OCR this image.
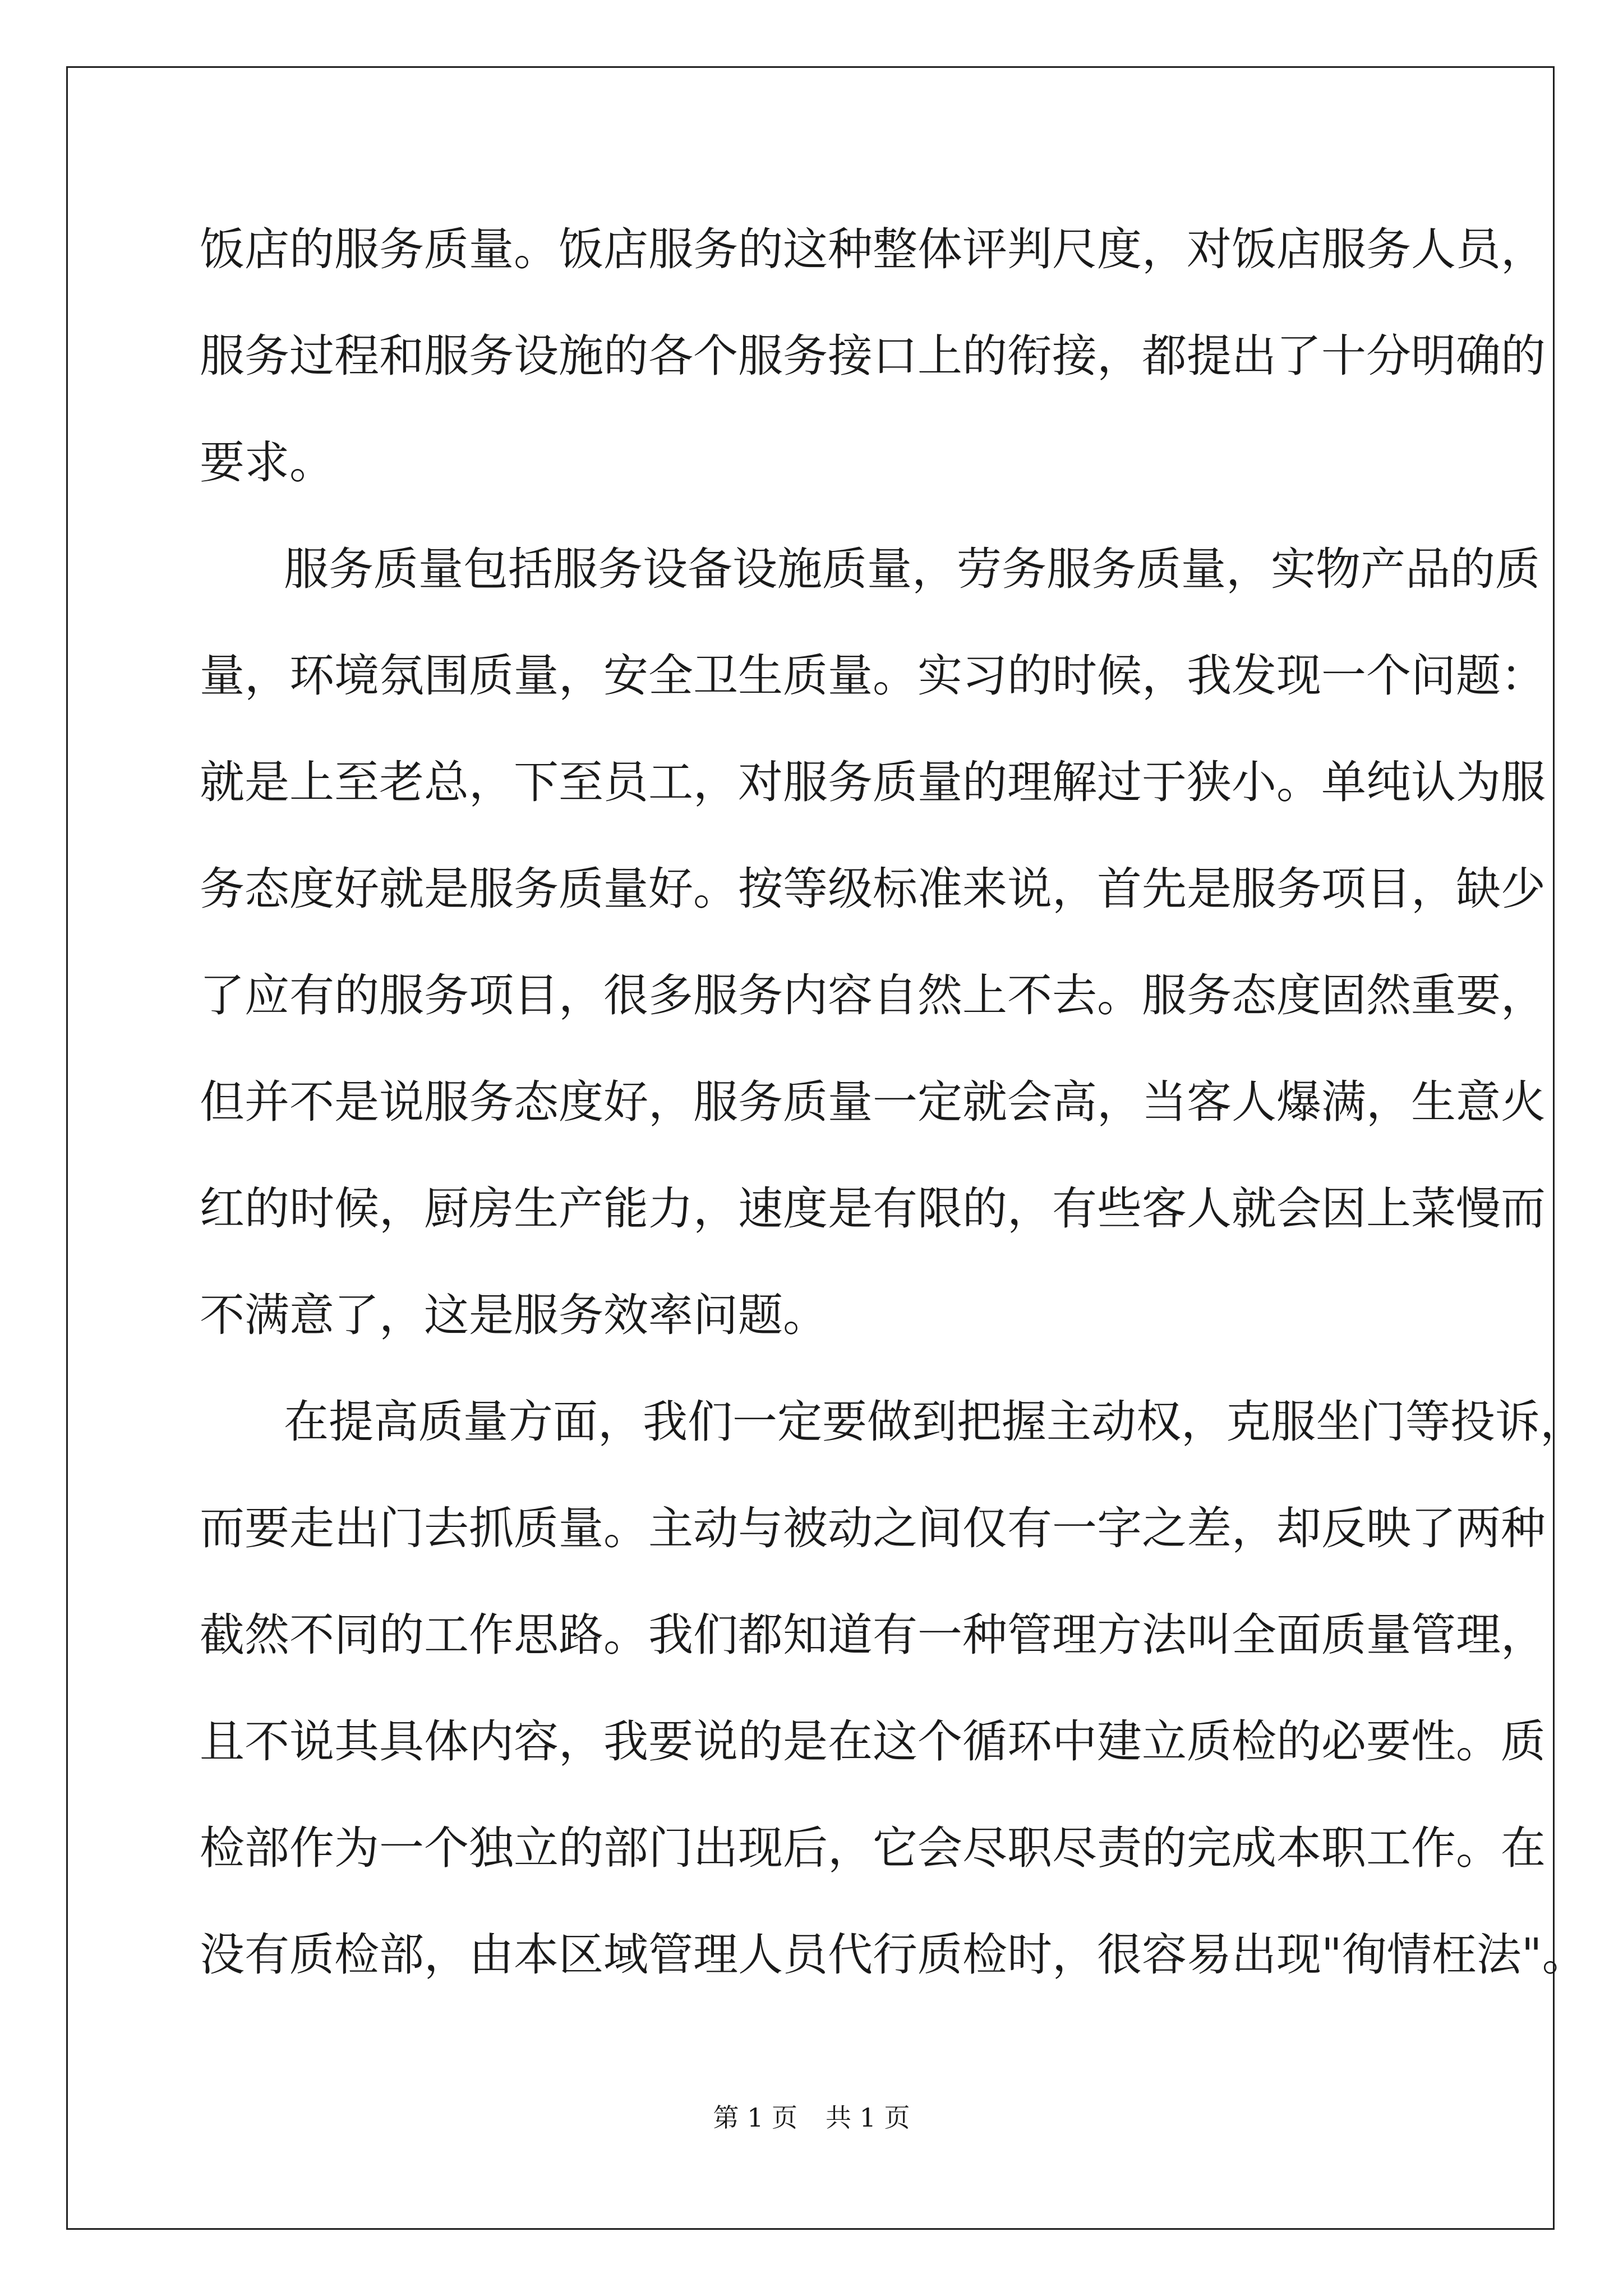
饭店的服务质量。饭店服务的这种整体评判尺度，对饭店服务人员，
服务过程和服务设施的各个服务接口上的衔接，都提出了十分明确的
要求。
服务质量包括服务设备设施质量，劳务服务质量，实物产品的质
量，环境氛围质量，安全卫生质量。实习的时候，我发现一个问题：
就是上至老总，下至员工，对服务质量的理解过于狭小。单纯认为服
务态度好就是服务质量好。按等级标准来说，首先是服务项目，缺少
了应有的服务项目，很多服务内容自然上不去。服务态度固然重要，
但并不是说服务态度好，服务质量一定就会高，当客人爆满，生意火
红的时候，厨房生产能力，速度是有限的，有些客人就会因上菜慢而
不满意了，这是服务效率问题。
在提高质量方面，我们一定要做到把握主动权，克服坐门等投诉，
而要走出门去抓质量。主动与被动之间仅有一字之差，却反映了两种
截然不同的工作思路。我们都知道有一种管理方法叫全面质量管理，
且不说其具体内容，我要说的是在这个循环中建立质检的必要性。质
检部作为一个独立的部门出现后，它会尽职尽责的完成本职工作。在
没有质检部，由本区域管理人员代行质检时，很容易出现"徇情枉法"。
第 1 页 共 1 页
